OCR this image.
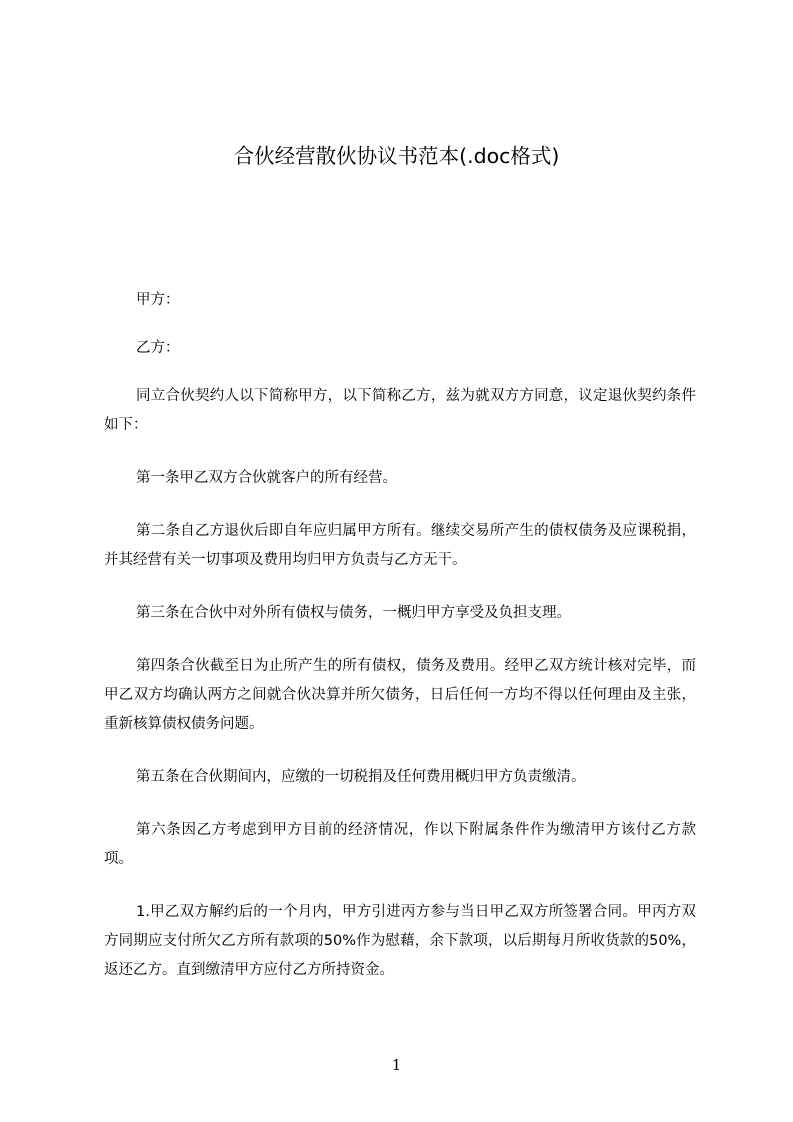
合伙经营散伙协议书范本(.doc格式)

甲方：

乙方：

同立合伙契约人以下简称甲方，以下简称乙方，兹为就双方方同意，议定退伙契约条件如下：

第一条甲乙双方合伙就客户的所有经营。

第二条自乙方退伙后即自年应归属甲方所有。继续交易所产生的债权债务及应课税捐，并其经营有关一切事项及费用均归甲方负责与乙方无干。

第三条在合伙中对外所有债权与债务，一概归甲方享受及负担支理。

第四条合伙截至日为止所产生的所有债权，债务及费用。经甲乙双方统计核对完毕，而甲乙双方均确认两方之间就合伙决算并所欠债务，日后任何一方均不得以任何理由及主张，重新核算债权债务问题。

第五条在合伙期间内，应缴的一切税捐及任何费用概归甲方负责缴清。

第六条因乙方考虑到甲方目前的经济情况，作以下附属条件作为缴清甲方该付乙方款项。

1.甲乙双方解约后的一个月内，甲方引进丙方参与当日甲乙双方所签署合同。甲丙方双方同期应支付所欠乙方所有款项的50%作为慰藉，余下款项，以后期每月所收货款的50%，返还乙方。直到缴清甲方应付乙方所持资金。

1
